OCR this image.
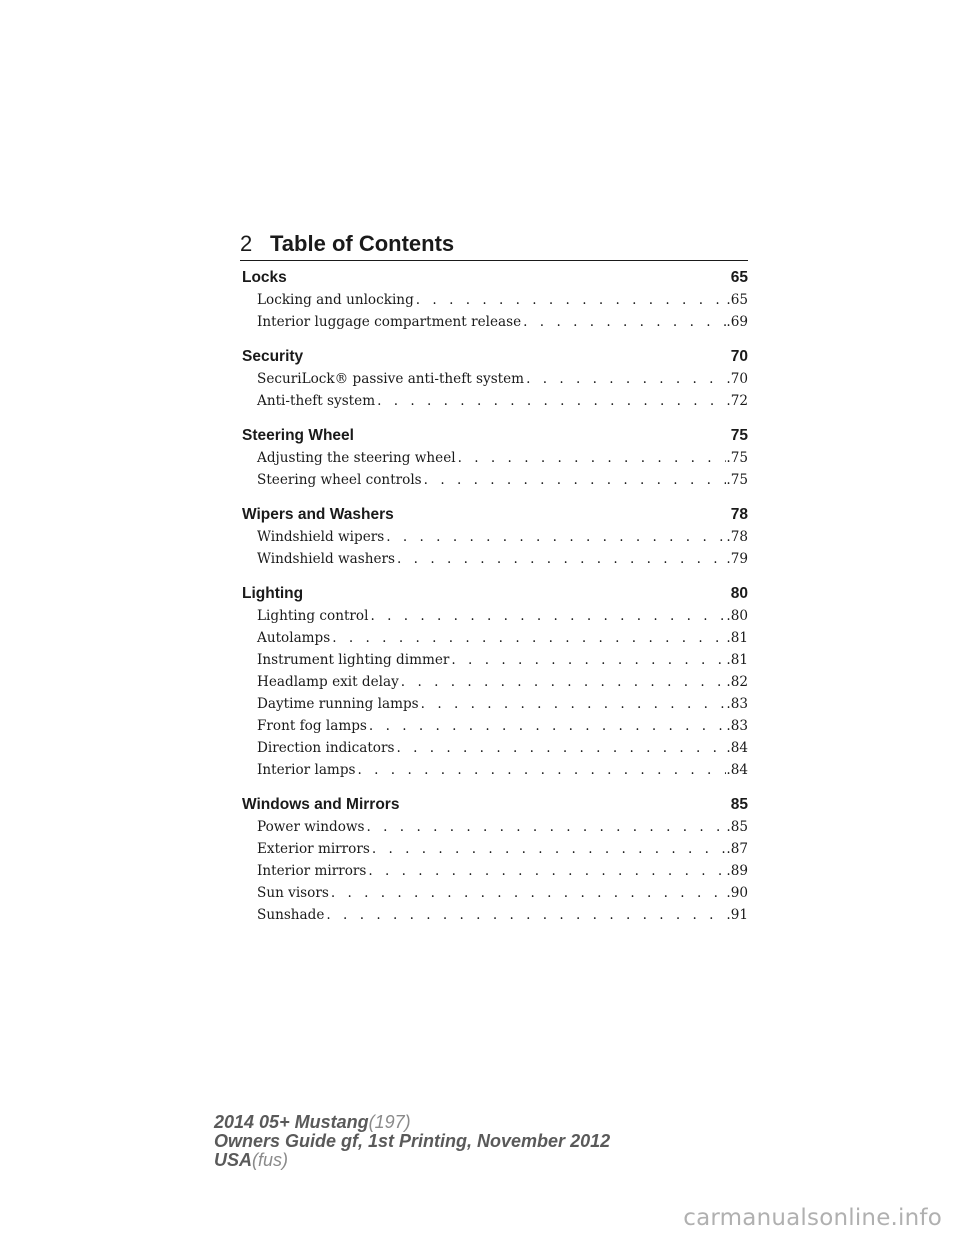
2 Table of Contents
Locks	65
Locking and unlocking . . .	.65
Interior luggage compartment release . . .	.69
Security	70
SecuriLock® passive anti-theft system . . .	.70
Anti-theft system . . .	.72
Steering Wheel	75
Adjusting the steering wheel . . .	.75
Steering wheel controls . . .	.75
Wipers and Washers	78
Windshield wipers . . .	.78
Windshield washers . . .	.79
Lighting	80
Lighting control . . .	.80
Autolamps . . .	.81
Instrument lighting dimmer . . .	.81
Headlamp exit delay . . .	.82
Daytime running lamps . . .	.83
Front fog lamps . . .	.83
Direction indicators . . .	.84
Interior lamps . . .	.84
Windows and Mirrors	85
Power windows . . .	.85
Exterior mirrors . . .	.87
Interior mirrors . . .	.89
Sun visors . . .	.90
Sunshade . . .	.91
2014 05+ Mustang(197)
Owners Guide gf, 1st Printing, November 2012
USA(fus)
carmanualsonline.info
